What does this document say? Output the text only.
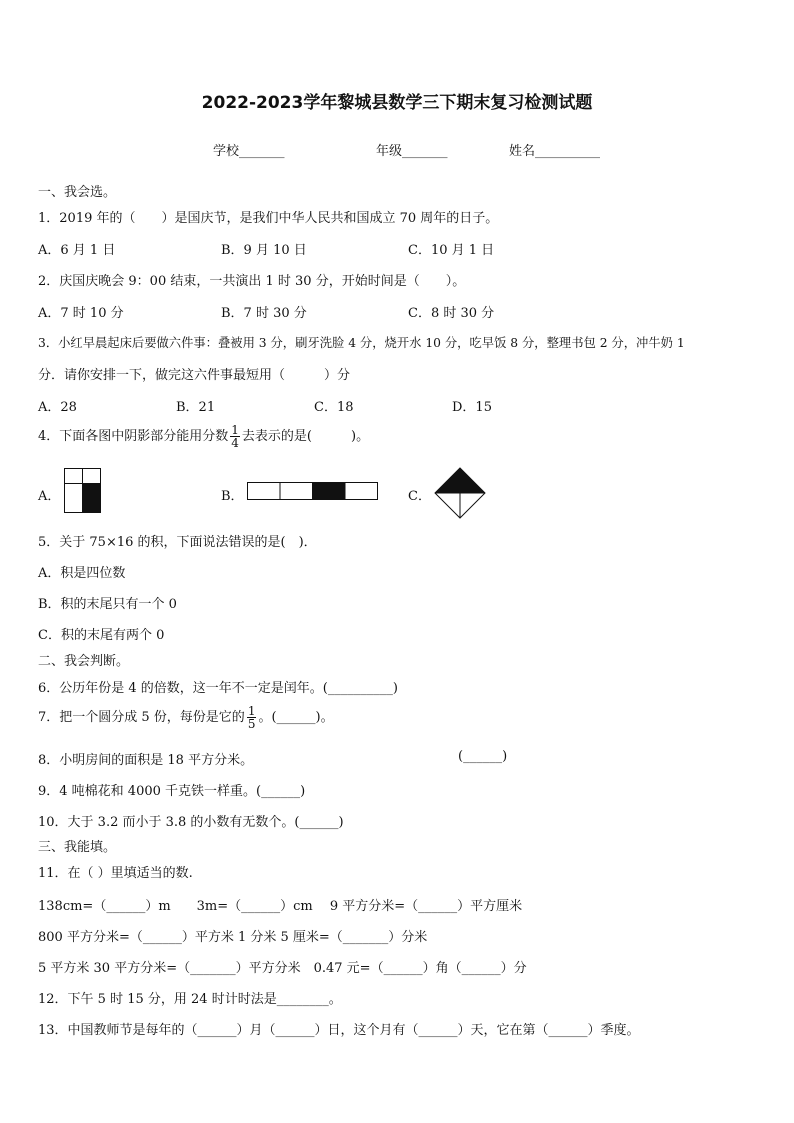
2022-2023学年黎城县数学三下期末复习检测试题
学校_______	年级_______	姓名__________
一、我会选。
1．2019 年的（　　）是国庆节，是我们中华人民共和国成立 70 周年的日子。
A．6 月 1 日	B．9 月 10 日	C．10 月 1 日
2．庆国庆晚会 9：00 结束，一共演出 1 时 30 分，开始时间是（　　）。
A．7 时 10 分	B．7 时 30 分	C．8 时 30 分
3．小红早晨起床后要做六件事：叠被用 3 分，刷牙洗脸 4 分，烧开水 10 分，吃早饭 8 分，整理书包 2 分，冲牛奶 1
分．请你安排一下，做完这六件事最短用（　　　）分
A．28	B．21	C．18	D．15
4．下面各图中阴影部分能用分数 $\frac{1}{4}$ 去表示的是(　　　)。
A．	B．	C．
5．关于 75×16 的积，下面说法错误的是(　)．
A．积是四位数
B．积的末尾只有一个 0
C．积的末尾有两个 0
二、我会判断。
6．公历年份是 4 的倍数，这一年不一定是闰年。(__________)
7．把一个圆分成 5 份，每份是它的 $\frac{1}{5}$ 。(______)。
8．小明房间的面积是 18 平方分米。	(______)
9．4 吨棉花和 4000 千克铁一样重。(______)
10．大于 3.2 而小于 3.8 的小数有无数个。(______)
三、我能填。
11．在（ ）里填适当的数.
138cm=（______）m　　3m=（______）cm　 9 平方分米=（______）平方厘米
800 平方分米=（______）平方米 1 分米 5 厘米=（_______）分米
5 平方米 30 平方分米=（_______）平方分米　0.47 元=（______）角（______）分
12．下午 5 时 15 分，用 24 时计时法是________。
13．中国教师节是每年的（______）月（______）日，这个月有（______）天，它在第（______）季度。
